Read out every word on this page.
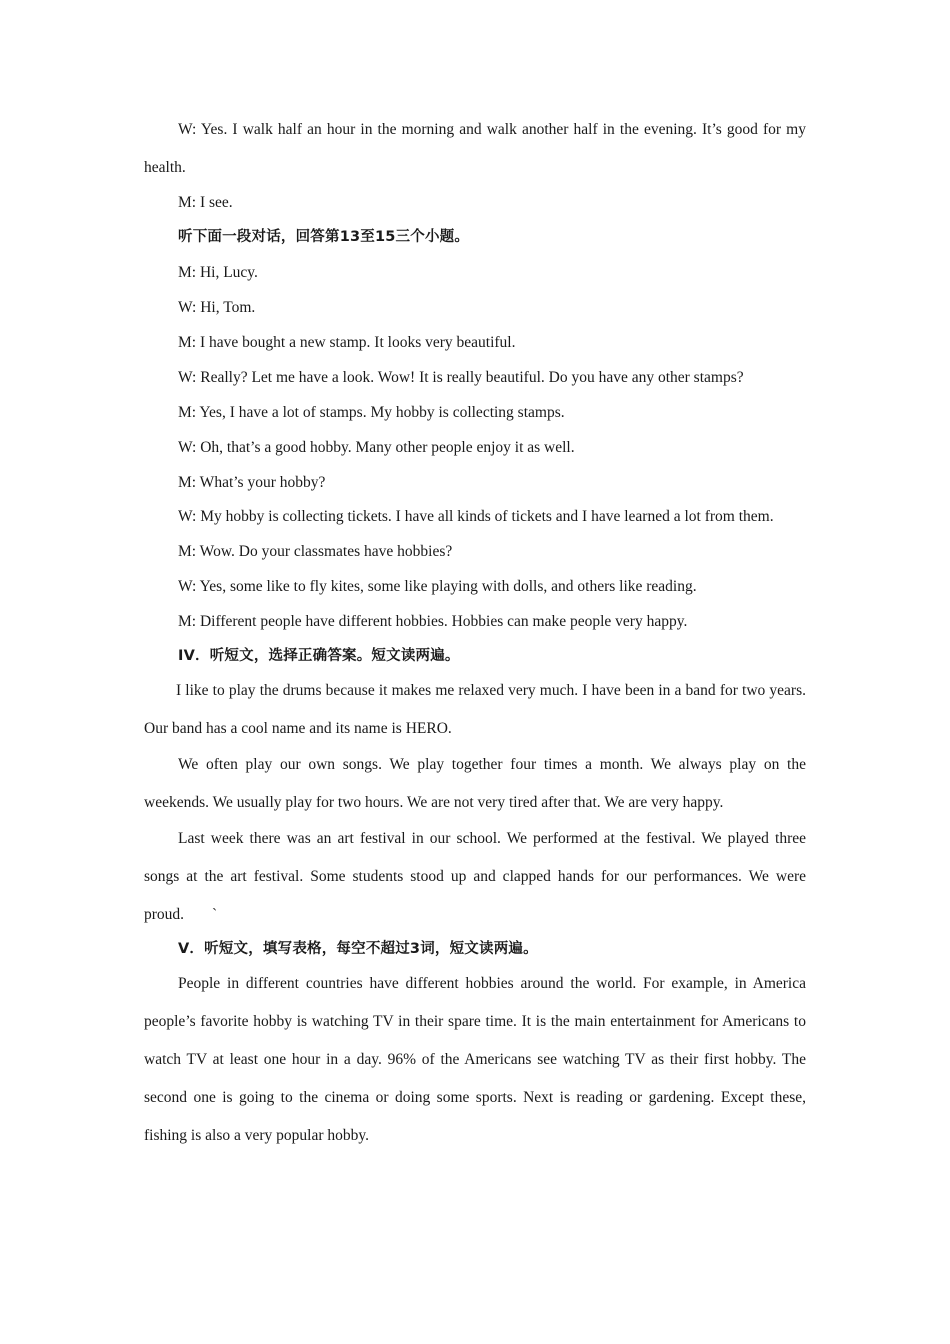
W: Yes. I walk half an hour in the morning and walk another half in the evening. It’s good for my health.

M: I see.

听下面一段对话，回答第13至15三个小题。

M: Hi, Lucy.

W: Hi, Tom.

M: I have bought a new stamp. It looks very beautiful.

W: Really? Let me have a look. Wow! It is really beautiful. Do you have any other stamps?

M: Yes, I have a lot of stamps. My hobby is collecting stamps.

W: Oh, that’s a good hobby. Many other people enjoy it as well.

M: What’s your hobby?

W: My hobby is collecting tickets. I have all kinds of tickets and I have learned a lot from them.

M: Wow. Do your classmates have hobbies?

W: Yes, some like to fly kites, some like playing with dolls, and others like reading.

M: Different people have different hobbies. Hobbies can make people very happy.

IV．听短文，选择正确答案。短文读两遍。

I like to play the drums because it makes me relaxed very much. I have been in a band for two years. Our band has a cool name and its name is HERO.

We often play our own songs. We play together four times a month. We always play on the weekends. We usually play for two hours. We are not very tired after that. We are very happy.

Last week there was an art festival in our school. We performed at the festival. We played three songs at the art festival. Some students stood up and clapped hands for our performances. We were proud. `

V．听短文，填写表格，每空不超过3词，短文读两遍。

People in different countries have different hobbies around the world. For example, in America people’s favorite hobby is watching TV in their spare time. It is the main entertainment for Americans to watch TV at least one hour in a day. 96% of the Americans see watching TV as their first hobby. The second one is going to the cinema or doing some sports. Next is reading or gardening. Except these, fishing is also a very popular hobby.
